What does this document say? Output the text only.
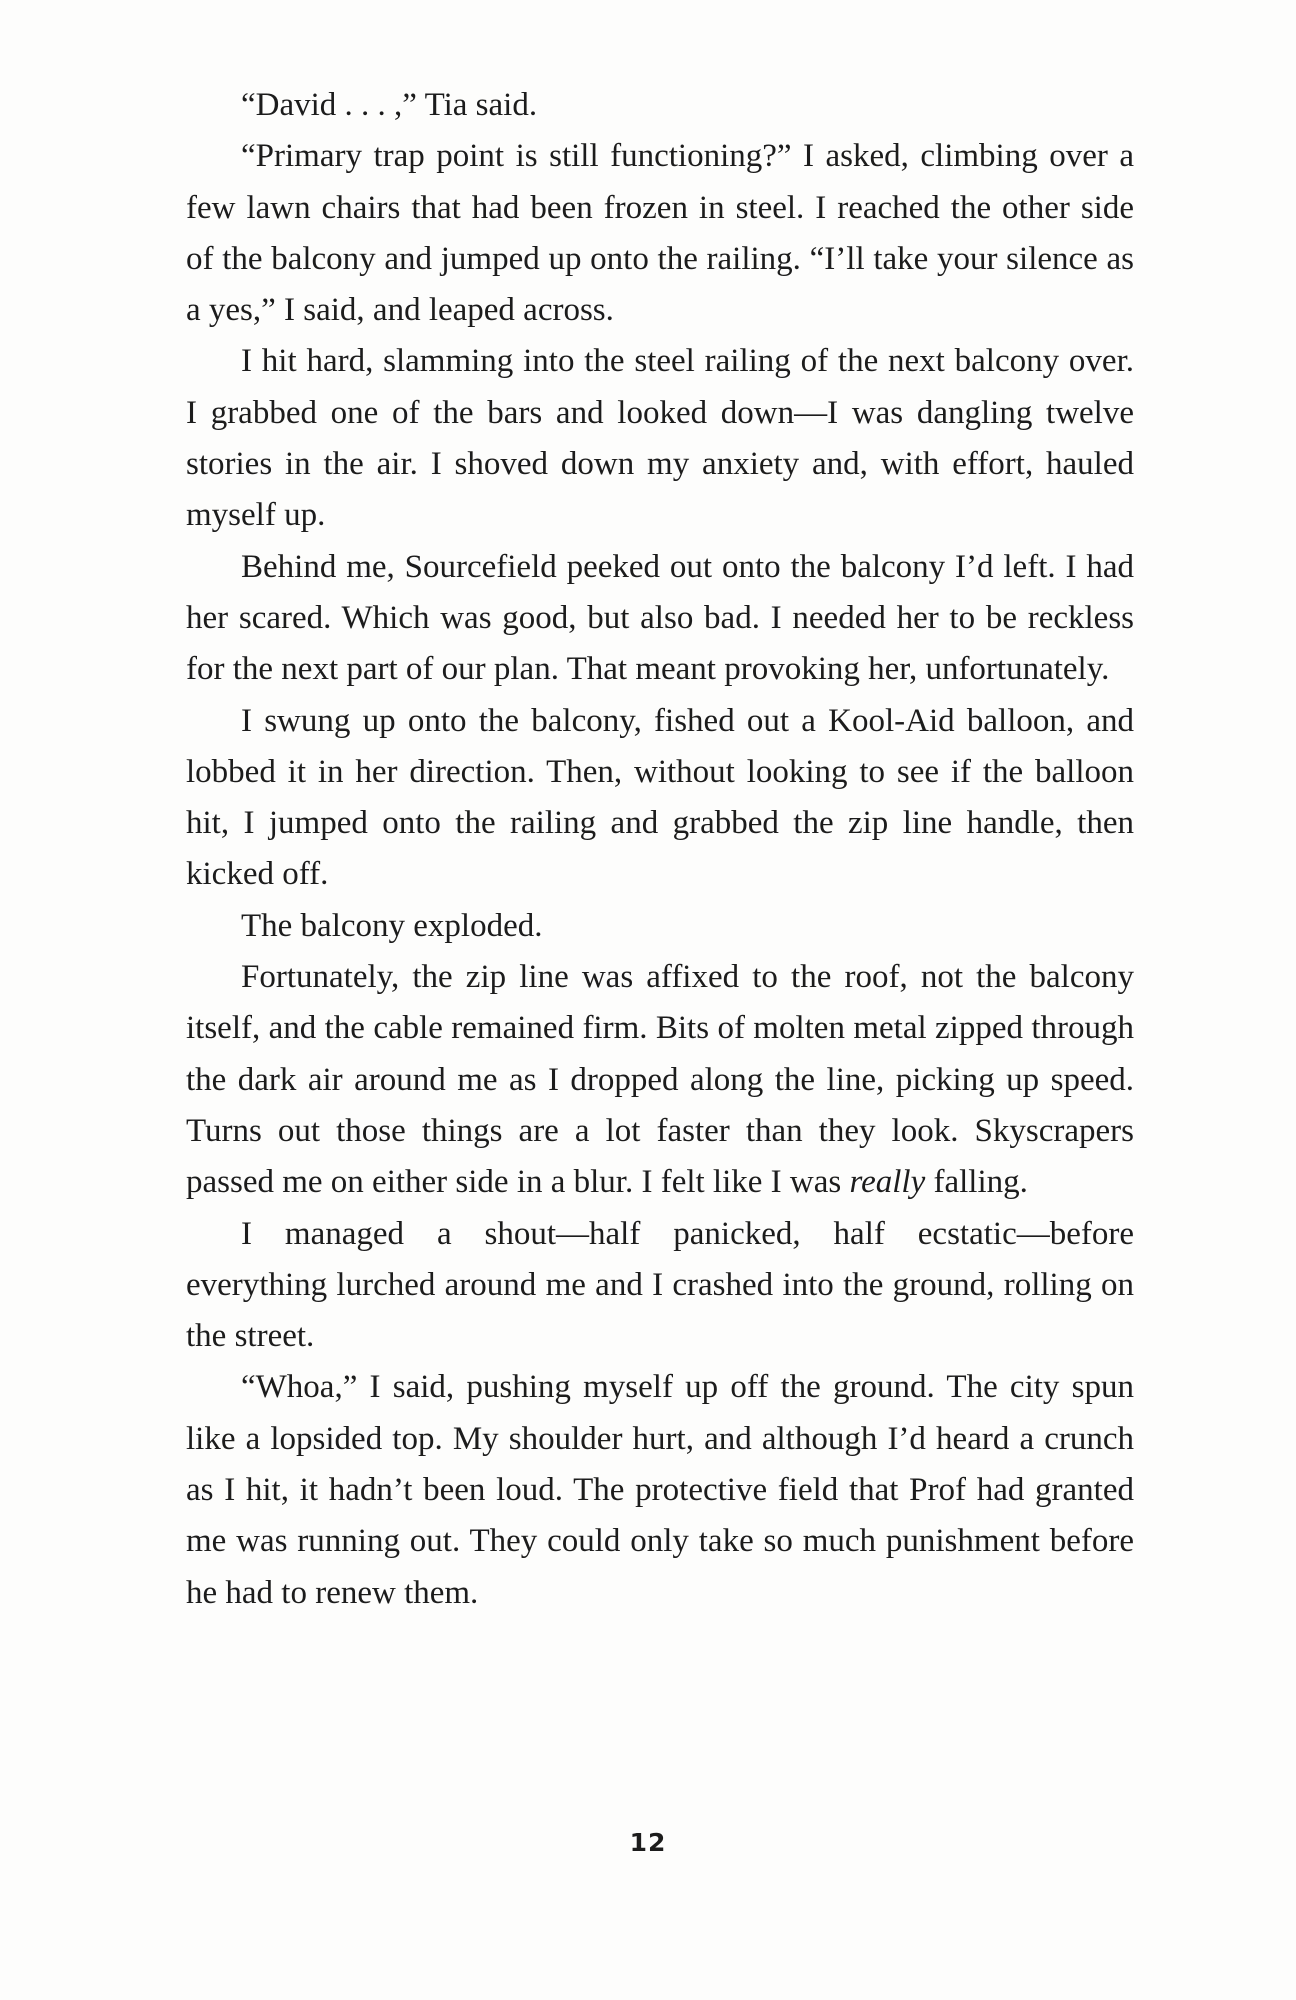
“David . . . ,” Tia said.

“Primary trap point is still functioning?” I asked, climbing over a few lawn chairs that had been frozen in steel. I reached the other side of the balcony and jumped up onto the railing. “I’ll take your silence as a yes,” I said, and leaped across.

I hit hard, slamming into the steel railing of the next balcony over. I grabbed one of the bars and looked down—I was dangling twelve stories in the air. I shoved down my anxiety and, with effort, hauled myself up.

Behind me, Sourcefield peeked out onto the balcony I’d left. I had her scared. Which was good, but also bad. I needed her to be reckless for the next part of our plan. That meant provoking her, unfortunately.

I swung up onto the balcony, fished out a Kool-Aid balloon, and lobbed it in her direction. Then, without looking to see if the balloon hit, I jumped onto the railing and grabbed the zip line handle, then kicked off.

The balcony exploded.

Fortunately, the zip line was affixed to the roof, not the balcony itself, and the cable remained firm. Bits of molten metal zipped through the dark air around me as I dropped along the line, picking up speed. Turns out those things are a lot faster than they look. Skyscrapers passed me on either side in a blur. I felt like I was really falling.

I managed a shout—half panicked, half ecstatic—before everything lurched around me and I crashed into the ground, rolling on the street.

“Whoa,” I said, pushing myself up off the ground. The city spun like a lopsided top. My shoulder hurt, and although I’d heard a crunch as I hit, it hadn’t been loud. The protective field that Prof had granted me was running out. They could only take so much punishment before he had to renew them.

12
